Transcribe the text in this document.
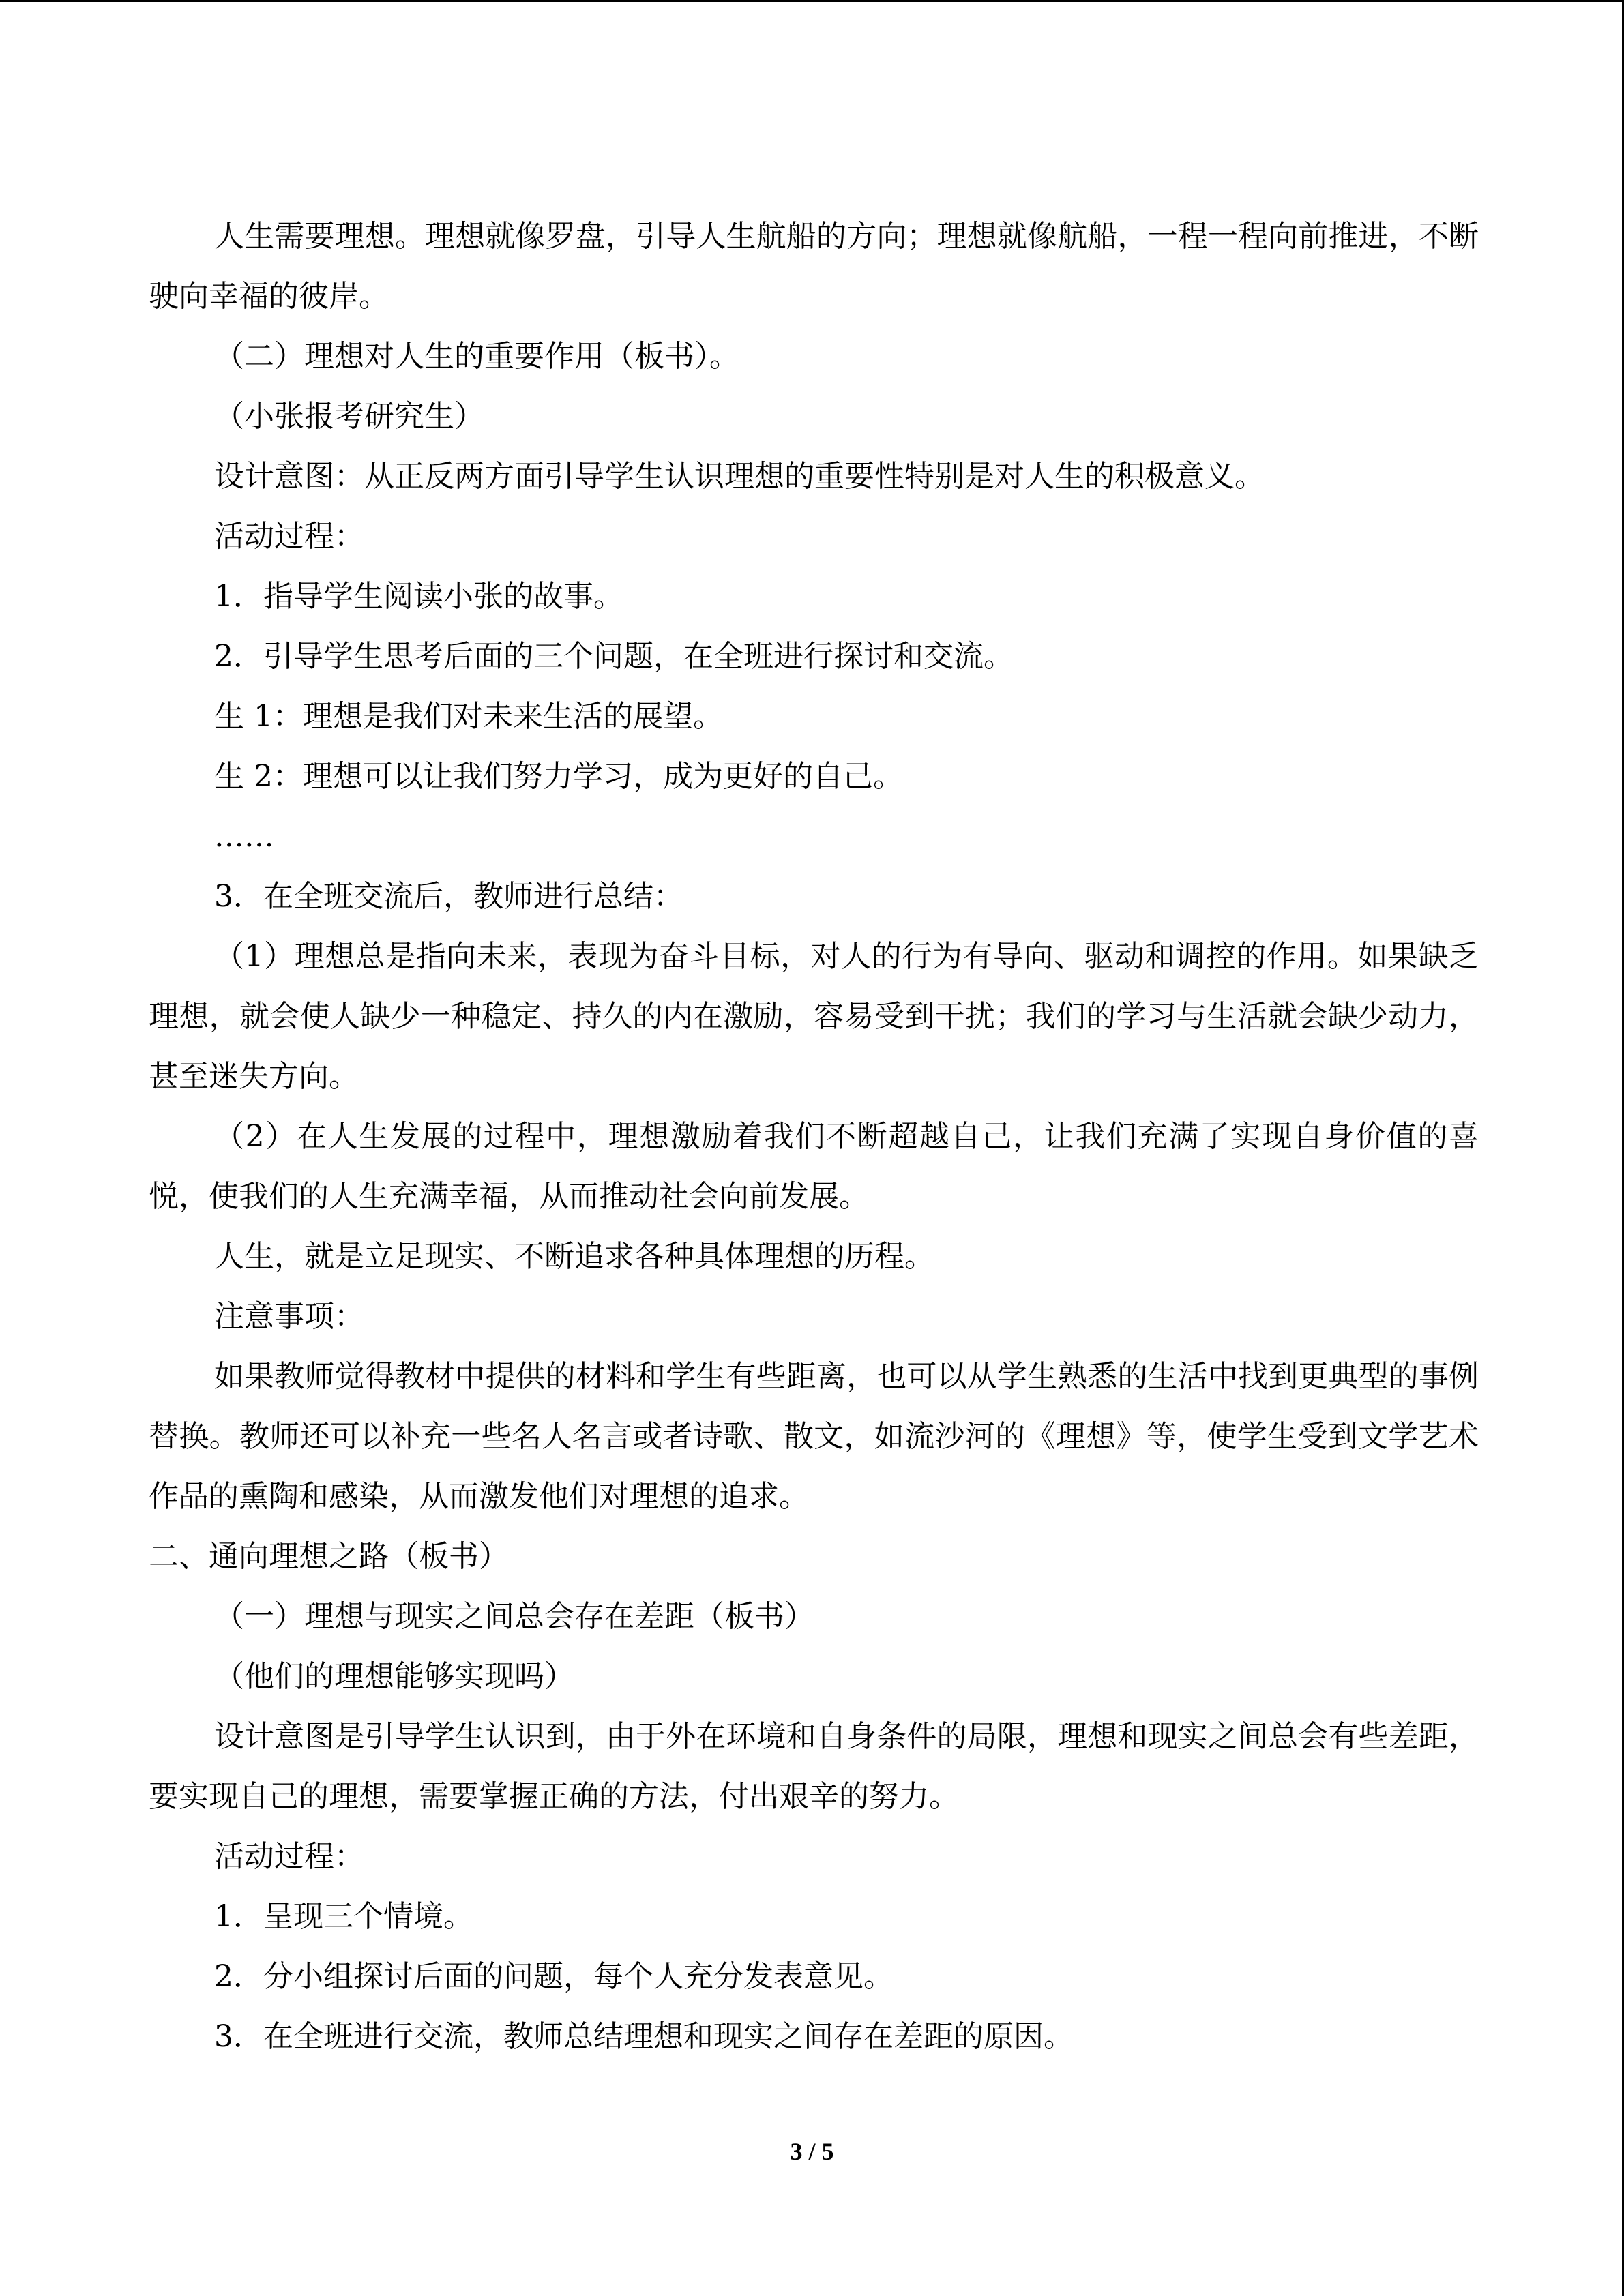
人生需要理想。理想就像罗盘，引导人生航船的方向；理想就像航船，一程一程向前推进，不断驶向幸福的彼岸。

（二）理想对人生的重要作用（板书）。

（小张报考研究生）

设计意图：从正反两方面引导学生认识理想的重要性特别是对人生的积极意义。

活动过程：

1．指导学生阅读小张的故事。

2．引导学生思考后面的三个问题，在全班进行探讨和交流。

生 1：理想是我们对未来生活的展望。

生 2：理想可以让我们努力学习，成为更好的自己。

……

3．在全班交流后，教师进行总结：

（1）理想总是指向未来，表现为奋斗目标，对人的行为有导向、驱动和调控的作用。如果缺乏理想，就会使人缺少一种稳定、持久的内在激励，容易受到干扰；我们的学习与生活就会缺少动力，甚至迷失方向。

（2）在人生发展的过程中，理想激励着我们不断超越自己，让我们充满了实现自身价值的喜悦，使我们的人生充满幸福，从而推动社会向前发展。

人生，就是立足现实、不断追求各种具体理想的历程。

注意事项：

如果教师觉得教材中提供的材料和学生有些距离，也可以从学生熟悉的生活中找到更典型的事例替换。教师还可以补充一些名人名言或者诗歌、散文，如流沙河的《理想》等，使学生受到文学艺术作品的熏陶和感染，从而激发他们对理想的追求。

二、通向理想之路（板书）

（一）理想与现实之间总会存在差距（板书）

（他们的理想能够实现吗）

设计意图是引导学生认识到，由于外在环境和自身条件的局限，理想和现实之间总会有些差距，要实现自己的理想，需要掌握正确的方法，付出艰辛的努力。

活动过程：

1．呈现三个情境。

2．分小组探讨后面的问题，每个人充分发表意见。

3．在全班进行交流，教师总结理想和现实之间存在差距的原因。

3 / 5
